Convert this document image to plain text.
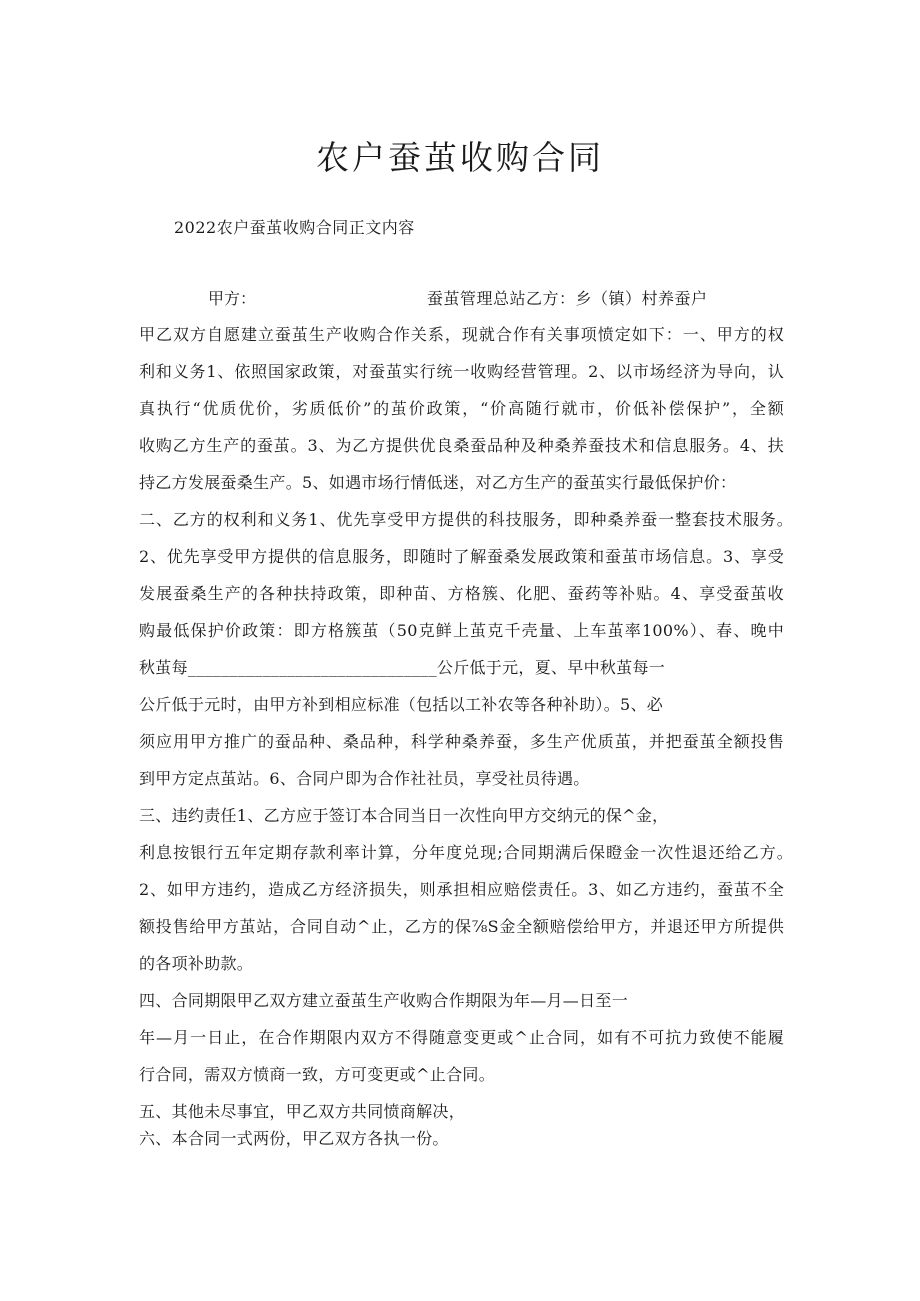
农户蚕茧收购合同
2022农户蚕茧收购合同正文内容
甲方：	蚕茧管理总站乙方：乡（镇）村养蚕户
甲乙双方自愿建立蚕茧生产收购合作关系，现就合作有关事项愤定如下：一、甲方的权
利和义务1、依照国家政策，对蚕茧实行统一收购经营管理。2、以市场经济为导向，认
真执行“优质优价，劣质低价”的茧价政策，“价高随行就市，价低补偿保护”，全额
收购乙方生产的蚕茧。3、为乙方提供优良桑蚕品种及种桑养蚕技术和信息服务。4、扶
持乙方发展蚕桑生产。5、如遇市场行情低迷，对乙方生产的蚕茧实行最低保护价：
二、乙方的权利和义务1、优先享受甲方提供的科技服务，即种桑养蚕一整套技术服务。
2、优先享受甲方提供的信息服务，即随时了解蚕桑发展政策和蚕茧市场信息。3、享受
发展蚕桑生产的各种扶持政策，即种苗、方格簇、化肥、蚕药等补贴。4、享受蚕茧收
购最低保护价政策：即方格簇茧（50克鲜上茧克千壳量、上车茧率100%）、春、晚中
秋茧每______________________________公斤低于元，夏、早中秋茧每一
公斤低于元时，由甲方补到相应标准（包括以工补农等各种补助）。5、必
须应用甲方推广的蚕品种、桑品种，科学种桑养蚕，多生产优质茧，并把蚕茧全额投售
到甲方定点茧站。6、合同户即为合作社社员，享受社员待遇。
三、违约责任1、乙方应于签订本合同当日一次性向甲方交纳元的保^金，
利息按银行五年定期存款利率计算，分年度兑现;合同期满后保瞪金一次性退还给乙方。
2、如甲方违约，造成乙方经济损失，则承担相应赔偿责任。3、如乙方违约，蚕茧不全
额投售给甲方茧站，合同自动^止，乙方的保⅞S金全额赔偿给甲方，并退还甲方所提供
的各项补助款。
四、合同期限甲乙双方建立蚕茧生产收购合作期限为年—月—日至一
年—月一日止，在合作期限内双方不得随意变更或^止合同，如有不可抗力致使不能履
行合同，需双方愤商一致，方可变更或^止合同。
五、其他未尽事宜，甲乙双方共同愤商解决，
六、本合同一式两份，甲乙双方各执一份。
